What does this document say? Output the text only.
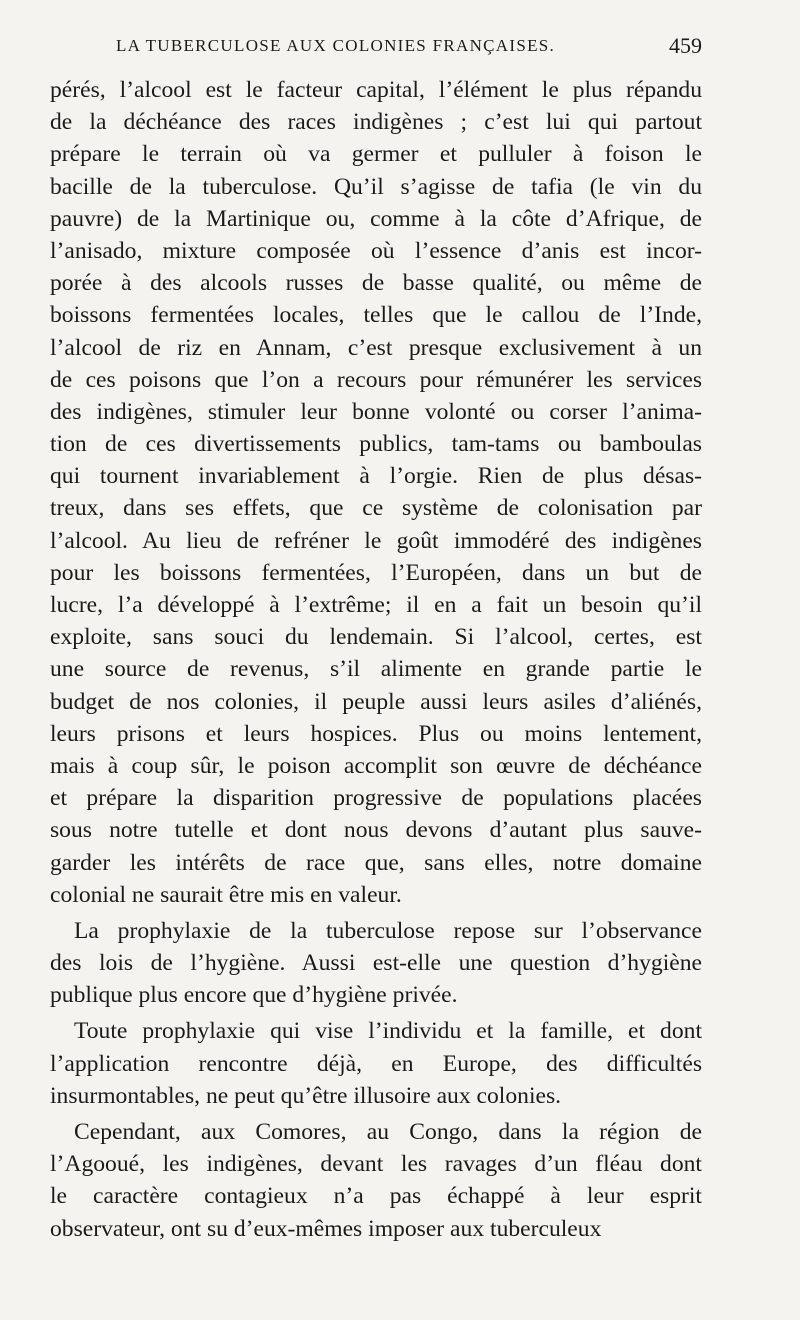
LA TUBERCULOSE AUX COLONIES FRANÇAISES.	459
pérés, l’alcool est le facteur capital, l’élément le plus répandu
de la déchéance des races indigènes ; c’est lui qui partout
prépare le terrain où va germer et pulluler à foison le
bacille de la tuberculose. Qu’il s’agisse de tafia (le vin du
pauvre) de la Martinique ou, comme à la côte d’Afrique, de
l’anisado, mixture composée où l’essence d’anis est incor-
porée à des alcools russes de basse qualité, ou même de
boissons fermentées locales, telles que le callou de l’Inde,
l’alcool de riz en Annam, c’est presque exclusivement à un
de ces poisons que l’on a recours pour rémunérer les services
des indigènes, stimuler leur bonne volonté ou corser l’anima-
tion de ces divertissements publics, tam-tams ou bamboulas
qui tournent invariablement à l’orgie. Rien de plus désas-
treux, dans ses effets, que ce système de colonisation par
l’alcool. Au lieu de refréner le goût immodéré des indigènes
pour les boissons fermentées, l’Européen, dans un but de
lucre, l’a développé à l’extrême; il en a fait un besoin qu’il
exploite, sans souci du lendemain. Si l’alcool, certes, est
une source de revenus, s’il alimente en grande partie le
budget de nos colonies, il peuple aussi leurs asiles d’aliénés,
leurs prisons et leurs hospices. Plus ou moins lentement,
mais à coup sûr, le poison accomplit son œuvre de déchéance
et prépare la disparition progressive de populations placées
sous notre tutelle et dont nous devons d’autant plus sauve-
garder les intérêts de race que, sans elles, notre domaine
colonial ne saurait être mis en valeur.
La prophylaxie de la tuberculose repose sur l’observance
des lois de l’hygiène. Aussi est-elle une question d’hygiène
publique plus encore que d’hygiène privée.
Toute prophylaxie qui vise l’individu et la famille, et dont
l’application rencontre déjà, en Europe, des difficultés
insurmontables, ne peut qu’être illusoire aux colonies.
Cependant, aux Comores, au Congo, dans la région de
l’Agooué, les indigènes, devant les ravages d’un fléau dont
le caractère contagieux n’a pas échappé à leur esprit
observateur, ont su d’eux-mêmes imposer aux tuberculeux
